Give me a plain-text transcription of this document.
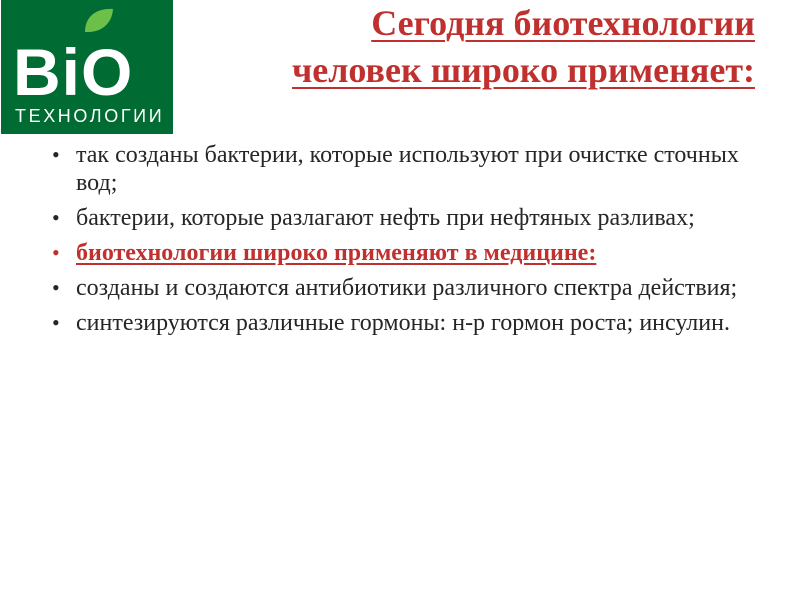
BiO
ТЕХНОЛОГИИ
Сегодня биотехнологии
человек широко применяет:
• так созданы бактерии, которые используют при очистке сточных вод;
• бактерии, которые разлагают нефть при нефтяных разливах;
• биотехнологии широко применяют в медицине:
• созданы и создаются антибиотики различного спектра действия;
• синтезируются различные гормоны: н-р гормон роста; инсулин.
